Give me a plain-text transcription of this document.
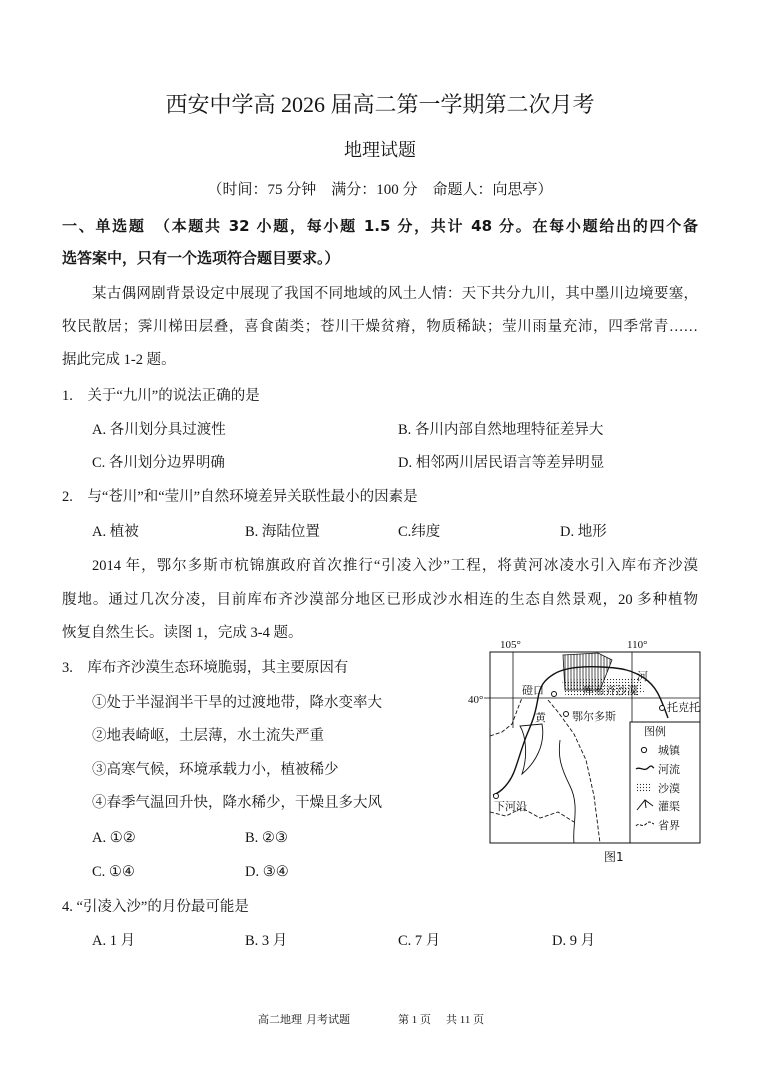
西安中学高 2026 届高二第一学期第二次月考
地理试题
（时间：75 分钟　满分：100 分　命题人：向思亭）
一、单选题　（本题共 32 小题，每小题 1.5 分，共计 48 分。在每小题给出的四个备
选答案中，只有一个选项符合题目要求。）
某古偶网剧背景设定中展现了我国不同地域的风土人情：天下共分九川，其中墨川边境要塞，
牧民散居；霁川梯田层叠，喜食菌类；苍川干燥贫瘠，物质稀缺；莹川雨量充沛，四季常青……
据此完成 1-2 题。
1.　关于“九川”的说法正确的是
A. 各川划分具过渡性	B. 各川内部自然地理特征差异大
C. 各川划分边界明确	D. 相邻两川居民语言等差异明显
2.　与“苍川”和“莹川”自然环境差异关联性最小的因素是
A. 植被	B. 海陆位置	C.纬度	D. 地形
2014 年，鄂尔多斯市杭锦旗政府首次推行“引凌入沙”工程，将黄河冰凌水引入库布齐沙漠
腹地。通过几次分凌，目前库布齐沙漠部分地区已形成沙水相连的生态自然景观，20 多种植物
恢复自然生长。读图 1，完成 3-4 题。
3.　库布齐沙漠生态环境脆弱，其主要原因有
①处于半湿润半干旱的过渡地带，降水变率大
②地表崎岖，土层薄，水土流失严重
③高寒气候，环境承载力小，植被稀少
④春季气温回升快，降水稀少，干燥且多大风
A. ①②	B. ②③
C. ①④	D. ③④
4. “引凌入沙”的月份最可能是
A. 1 月	B. 3 月	C. 7 月	D. 9 月
105°	110°
40°
磴口	库布齐沙漠
河
黄 鄂尔多斯
托克托
下河沿
图例
城镇
河流
沙漠
灌渠
省界
图1
高二地理 月考试题	第 1 页 共 11 页
